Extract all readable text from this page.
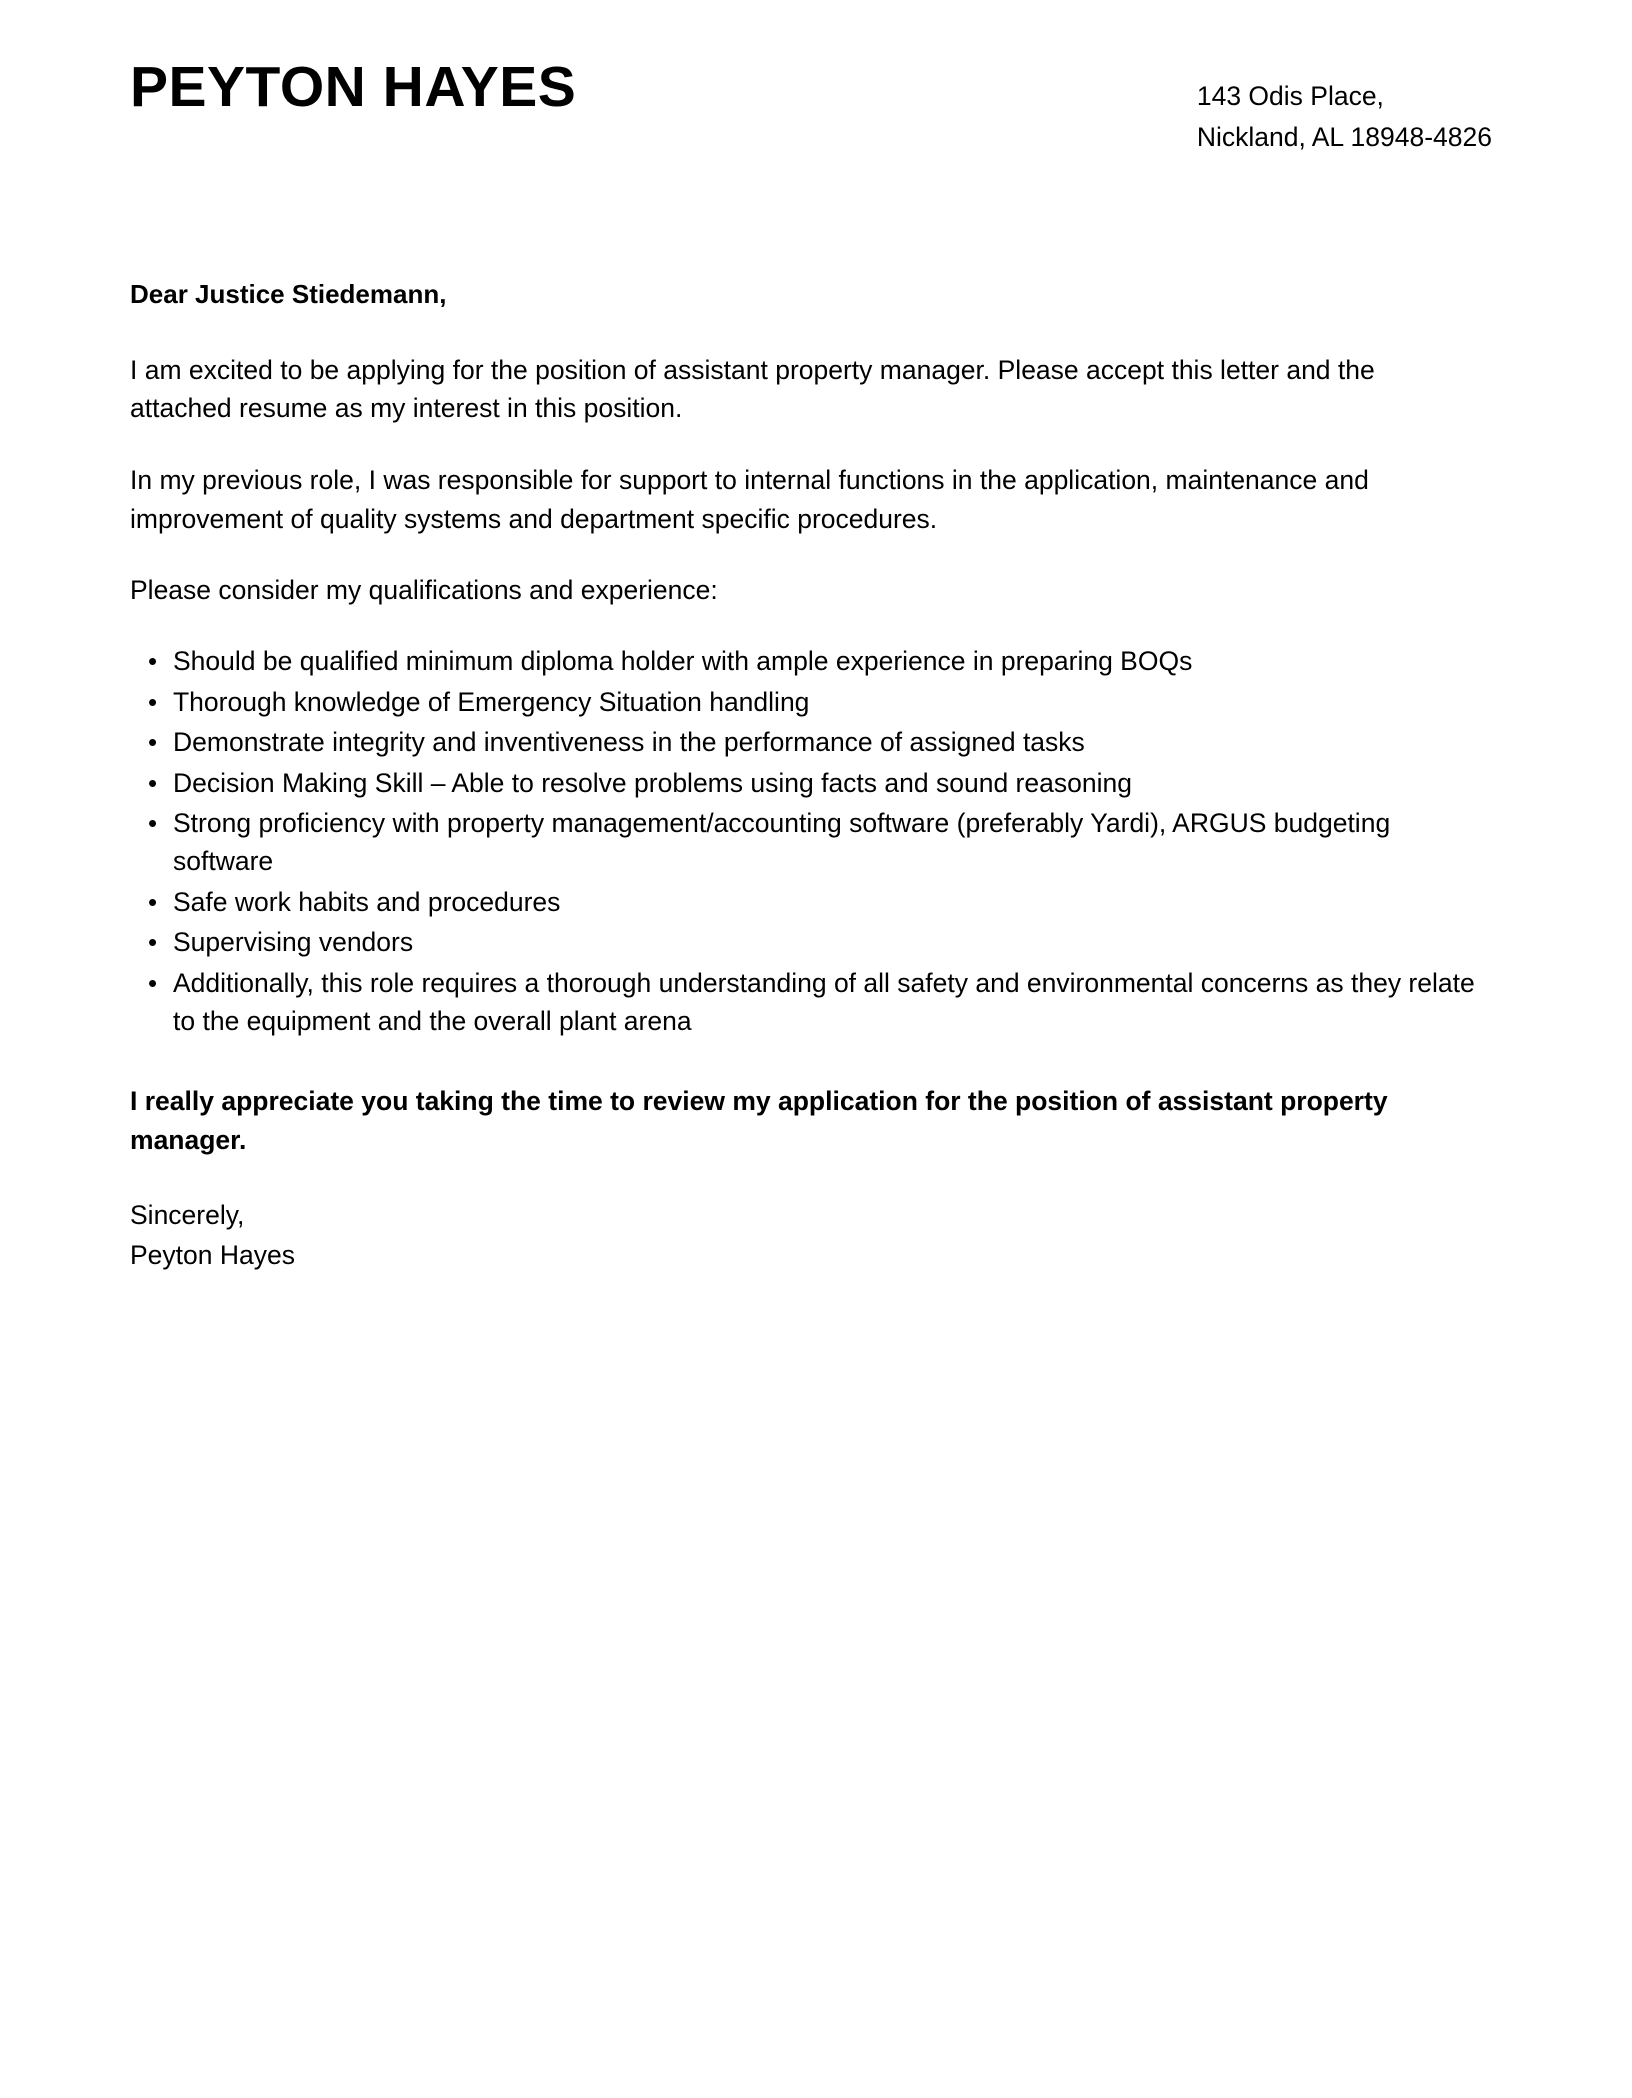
PEYTON HAYES	143 Odis Place,
Nickland, AL 18948-4826

Dear Justice Stiedemann,

I am excited to be applying for the position of assistant property manager. Please accept this letter and the attached resume as my interest in this position.

In my previous role, I was responsible for support to internal functions in the application, maintenance and improvement of quality systems and department specific procedures.

Please consider my qualifications and experience:

• Should be qualified minimum diploma holder with ample experience in preparing BOQs
• Thorough knowledge of Emergency Situation handling
• Demonstrate integrity and inventiveness in the performance of assigned tasks
• Decision Making Skill – Able to resolve problems using facts and sound reasoning
• Strong proficiency with property management/accounting software (preferably Yardi), ARGUS budgeting software
• Safe work habits and procedures
• Supervising vendors
• Additionally, this role requires a thorough understanding of all safety and environmental concerns as they relate to the equipment and the overall plant arena

I really appreciate you taking the time to review my application for the position of assistant property manager.

Sincerely,
Peyton Hayes
